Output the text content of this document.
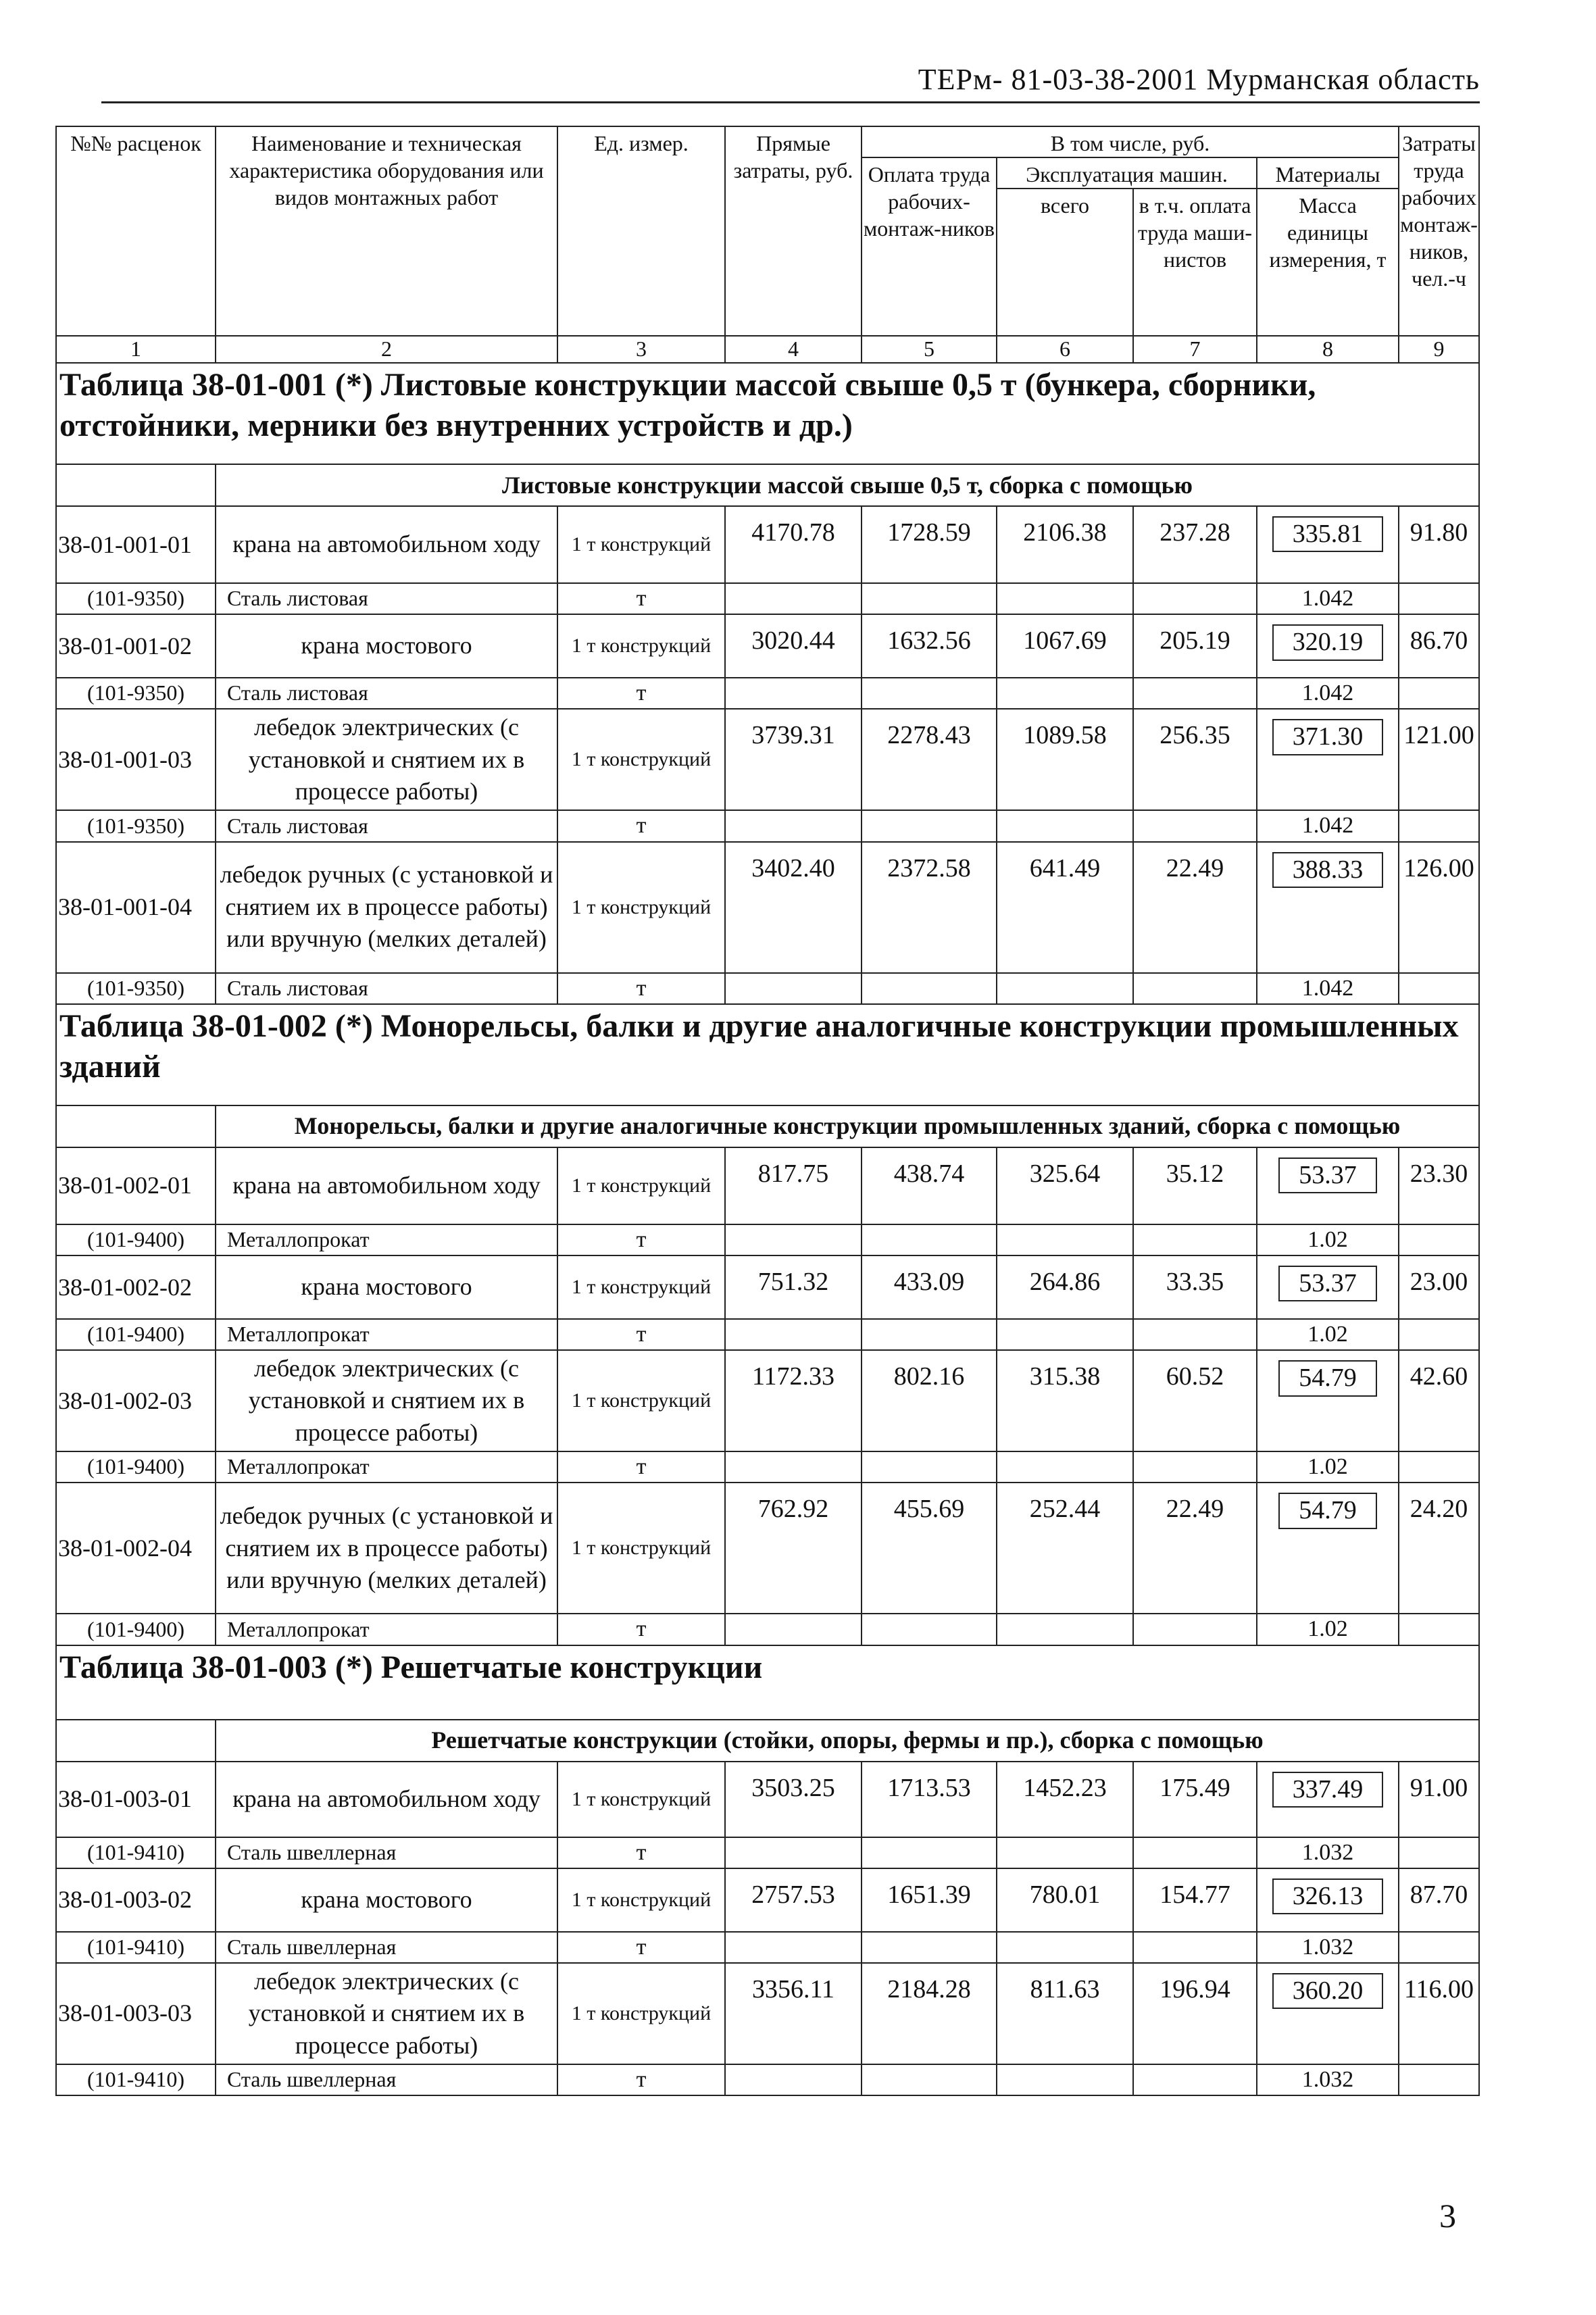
ТЕРм- 81-03-38-2001 Мурманская область
№№ расценок	Наименование и техническая характеристика оборудования или видов монтажных работ	Ед. измер.	Прямые затраты, руб.	В том числе, руб.				Затраты труда рабочих монтаж-ников, чел.-ч
				Оплата труда рабочих-монтаж-ников	Эксплуатация машин.		Материалы	
					всего	в т.ч. оплата труда маши-нистов	Масса единицы измерения, т	
1	2	3	4	5	6	7	8	9
Таблица 38-01-001 (*) Листовые конструкции массой свыше 0,5 т (бункера, сборники, отстойники, мерники без внутренних устройств и др.)								
	Листовые конструкции массой свыше 0,5 т, сборка с помощью							
38-01-001-01	крана на автомобильном ходу	1 т конструкций	4170.78	1728.59	2106.38	237.28	335.81	91.80
(101-9350)	Сталь листовая	т					1.042	
38-01-001-02	крана мостового	1 т конструкций	3020.44	1632.56	1067.69	205.19	320.19	86.70
(101-9350)	Сталь листовая	т					1.042	
38-01-001-03	лебедок электрических (с установкой и снятием их в процессе работы)	1 т конструкций	3739.31	2278.43	1089.58	256.35	371.30	121.00
(101-9350)	Сталь листовая	т					1.042	
38-01-001-04	лебедок ручных (с установкой и снятием их в процессе работы) или вручную (мелких деталей)	1 т конструкций	3402.40	2372.58	641.49	22.49	388.33	126.00
(101-9350)	Сталь листовая	т					1.042	
Таблица 38-01-002 (*) Монорельсы, балки и другие аналогичные конструкции промышленных зданий								
	Монорельсы, балки и другие аналогичные конструкции промышленных зданий, сборка с помощью							
38-01-002-01	крана на автомобильном ходу	1 т конструкций	817.75	438.74	325.64	35.12	53.37	23.30
(101-9400)	Металлопрокат	т					1.02	
38-01-002-02	крана мостового	1 т конструкций	751.32	433.09	264.86	33.35	53.37	23.00
(101-9400)	Металлопрокат	т					1.02	
38-01-002-03	лебедок электрических (с установкой и снятием их в процессе работы)	1 т конструкций	1172.33	802.16	315.38	60.52	54.79	42.60
(101-9400)	Металлопрокат	т					1.02	
38-01-002-04	лебедок ручных (с установкой и снятием их в процессе работы) или вручную (мелких деталей)	1 т конструкций	762.92	455.69	252.44	22.49	54.79	24.20
(101-9400)	Металлопрокат	т					1.02	
Таблица 38-01-003 (*) Решетчатые конструкции								
	Решетчатые конструкции (стойки, опоры, фермы и пр.), сборка с помощью							
38-01-003-01	крана на автомобильном ходу	1 т конструкций	3503.25	1713.53	1452.23	175.49	337.49	91.00
(101-9410)	Сталь швеллерная	т					1.032	
38-01-003-02	крана мостового	1 т конструкций	2757.53	1651.39	780.01	154.77	326.13	87.70
(101-9410)	Сталь швеллерная	т					1.032	
38-01-003-03	лебедок электрических (с установкой и снятием их в процессе работы)	1 т конструкций	3356.11	2184.28	811.63	196.94	360.20	116.00
(101-9410)	Сталь швеллерная	т					1.032	
3
